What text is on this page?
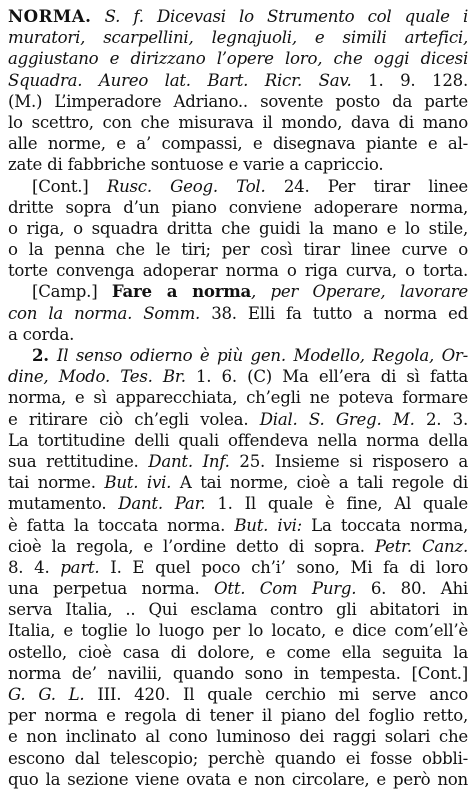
NORMA. S. f. Dicevasi lo Strumento col quale i
muratori, scarpellini, legnajuoli, e simili artefici,
aggiustano e dirizzano l’opere loro, che oggi dicesi
Squadra. Aureo lat. Bart. Ricr. Sav. 1. 9. 128.
(M.) L’imperadore Adriano.. sovente posto da parte
lo scettro, con che misurava il mondo, dava di mano
alle norme, e a’ compassi, e disegnava piante e al-
zate di fabbriche sontuose e varie a capriccio.
[Cont.] Rusc. Geog. Tol. 24. Per tirar linee
dritte sopra d’un piano conviene adoperare norma,
o riga, o squadra dritta che guidi la mano e lo stile,
o la penna che le tiri; per così tirar linee curve o
torte convenga adoperar norma o riga curva, o torta.
[Camp.] Fare a norma, per Operare, lavorare
con la norma. Somm. 38. Elli fa tutto a norma ed
a corda.
2. Il senso odierno è più gen. Modello, Regola, Or-
dine, Modo. Tes. Br. 1. 6. (C) Ma ell’era di sì fatta
norma, e sì apparecchiata, ch’egli ne poteva formare
e ritirare ciò ch’egli volea. Dial. S. Greg. M. 2. 3.
La tortitudine delli quali offendeva nella norma della
sua rettitudine. Dant. Inf. 25. Insieme si risposero a
tai norme. But. ivi. A tai norme, cioè a tali regole di
mutamento. Dant. Par. 1. Il quale è fine, Al quale
è fatta la toccata norma. But. ivi: La toccata norma,
cioè la regola, e l’ordine detto di sopra. Petr. Canz.
8. 4. part. I. E quel poco ch’i’ sono, Mi fa di loro
una perpetua norma. Ott. Com Purg. 6. 80. Ahi
serva Italia, .. Qui esclama contro gli abitatori in
Italia, e toglie lo luogo per lo locato, e dice com’ell’è
ostello, cioè casa di dolore, e come ella seguita la
norma de’ navilii, quando sono in tempesta. [Cont.]
G. G. L. III. 420. Il quale cerchio mi serve anco
per norma e regola di tener il piano del foglio retto,
e non inclinato al cono luminoso dei raggi solari che
escono dal telescopio; perchè quando ei fosse obbli-
quo la sezione viene ovata e non circolare, e però non
